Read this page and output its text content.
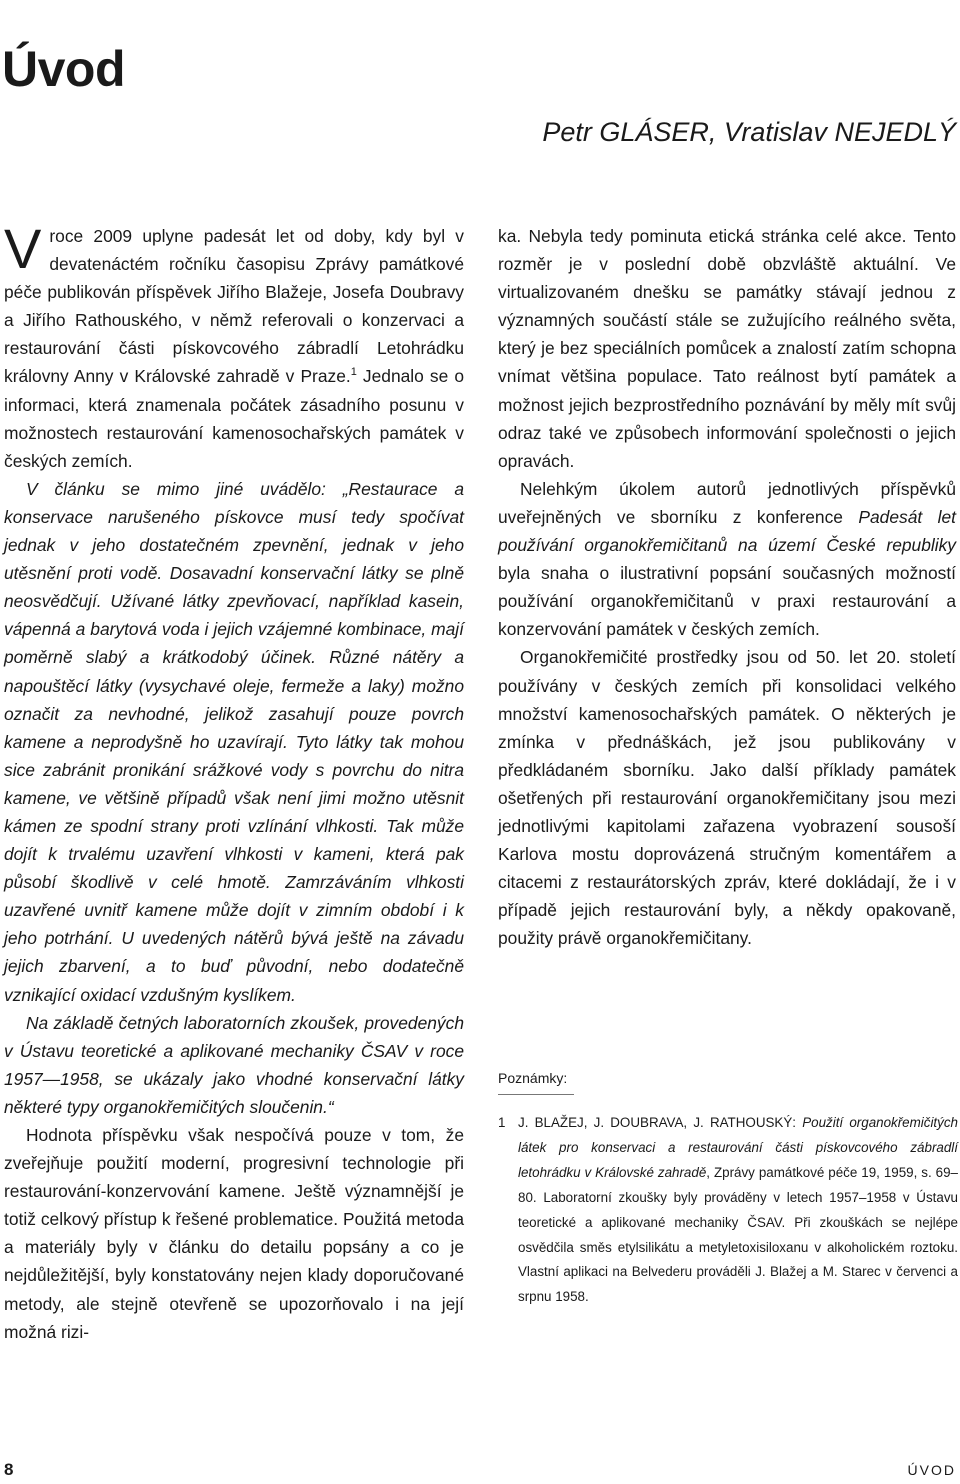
Úvod
Petr GLÁSER, Vratislav NEJEDLÝ

Vroce 2009 uplyne padesát let od doby, kdy byl v devatenáctém ročníku časopisu Zprávy památkové péče publikován příspěvek Jiřího Blažeje, Josefa Doubravy a Jiřího Rathouského, v němž referovali o konzervaci a restaurování části pískovcového zábradlí Letohrádku královny Anny v Královské zahradě v Praze.$^1$ Jednalo se o informaci, která znamenala počátek zásadního posunu v možnostech restaurování kamenosochařských památek v českých zemích.

V článku se mimo jiné uvádělo: „Restaurace a konservace narušeného pískovce musí tedy spočívat jednak v jeho dostatečném zpevnění, jednak v jeho utěsnění proti vodě. Dosavadní konservační látky se plně neosvědčují. Užívané látky zpevňovací, například kasein, vápenná a barytová voda i jejich vzájemné kombinace, mají poměrně slabý a krátkodobý účinek. Různé nátěry a napouštěcí látky (vysychavé oleje, fermeže a laky) možno označit za nevhodné, jelikož zasahují pouze povrch kamene a neprodyšně ho uzavírají. Tyto látky tak mohou sice zabránit pronikání srážkové vody s povrchu do nitra kamene, ve většině případů však není jimi možno utěsnit kámen ze spodní strany proti vzlínání vlhkosti. Tak může dojít k trvalému uzavření vlhkosti v kameni, která pak působí škodlivě v celé hmotě. Zamrzáváním vlhkosti uzavřené uvnitř kamene může dojít v zimním období i k jeho potrhání. U uvedených nátěrů bývá ještě na závadu jejich zbarvení, a to buď původní, nebo dodatečně vznikající oxidací vzdušným kyslíkem.

Na základě četných laboratorních zkoušek, provedených v Ústavu teoretické a aplikované mechaniky ČSAV v roce 1957—1958, se ukázaly jako vhodné konservační látky některé typy organokřemičitých sloučenin.“

Hodnota příspěvku však nespočívá pouze v tom, že zveřejňuje použití moderní, progresivní technologie při restaurování-konzervování kamene. Ještě významnější je totiž celkový přístup k řešené problematice. Použitá metoda a materiály byly v článku do detailu popsány a co je nejdůležitější, byly konstatovány nejen klady doporučované metody, ale stejně otevřeně se upozorňovalo i na její možná rizi-

ka. Nebyla tedy pominuta etická stránka celé akce. Tento rozměr je v poslední době obzvláště aktuální. Ve virtualizovaném dnešku se památky stávají jednou z významných součástí stále se zužujícího reálného světa, který je bez speciálních pomůcek a znalostí zatím schopna vnímat většina populace. Tato reálnost bytí památek a možnost jejich bezprostředního poznávání by měly mít svůj odraz také ve způsobech informování společnosti o jejich opravách.

Nelehkým úkolem autorů jednotlivých příspěvků uveřejněných ve sborníku z konference Padesát let používání organokřemičitanů na území České republiky byla snaha o ilustrativní popsání současných možností používání organokřemičitanů v praxi restaurování a konzervování památek v českých zemích.

Organokřemičité prostředky jsou od 50. let 20. století používány v českých zemích při konsolidaci velkého množství kamenosochařských památek. O některých je zmínka v přednáškách, jež jsou publikovány v předkládaném sborníku. Jako další příklady památek ošetřených při restaurování organokřemičitany jsou mezi jednotlivými kapitolami zařazena vyobrazení sousoší Karlova mostu doprovázená stručným komentářem a citacemi z restaurátorských zpráv, které dokládají, že i v případě jejich restaurování byly, a někdy opakovaně, použity právě organokřemičitany.

Poznámky:
1 J. BLAŽEJ, J. DOUBRAVA, J. RATHOUSKÝ: Použití organokřemičitých látek pro konservaci a restaurování části pískovcového zábradlí letohrádku v Královské zahradě, Zprávy památkové péče 19, 1959, s. 69–80. Laboratorní zkoušky byly prováděny v letech 1957–1958 v Ústavu teoretické a aplikované mechaniky ČSAV. Při zkouškách se nejlépe osvědčila směs etylsilikátu a metyletoxisiloxanu v alkoholickém roztoku. Vlastní aplikaci na Belvederu prováděli J. Blažej a M. Starec v červenci a srpnu 1958.
8	ÚVOD
